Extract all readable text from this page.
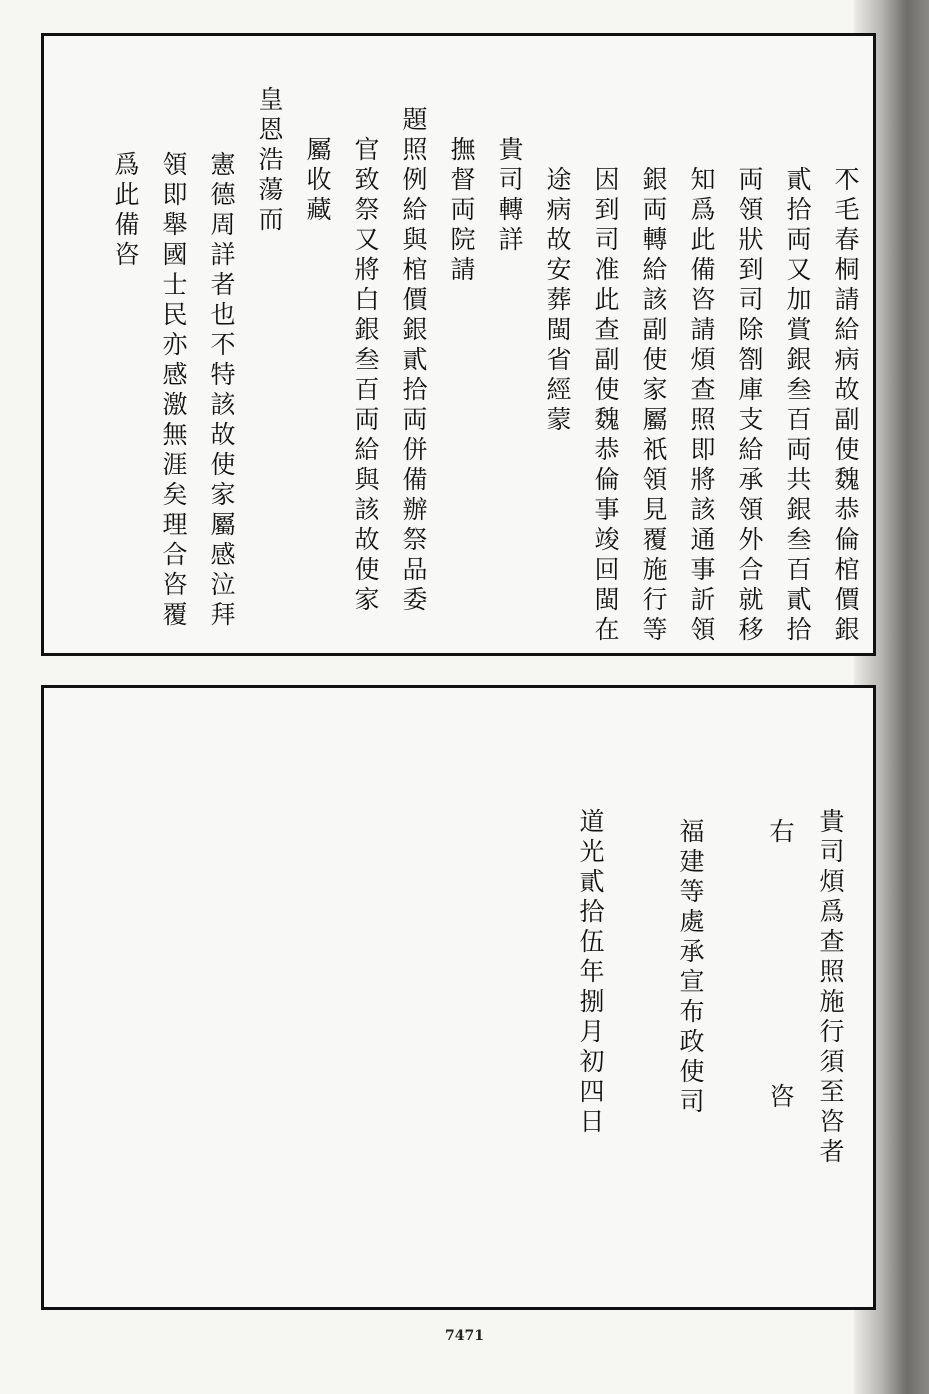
𣎴毛春桐請給病故副使魏恭倫棺價銀
貳拾両又加賞銀叁百両共銀叁百貳拾
両領狀到司除劄庫支給承領外合就移
知爲此備咨請煩查照即將該通事訢領
銀両轉給該副使家屬祇領見覆施行等
因到司准此查副使魏恭倫事竣回閩在
途病故安葬閩省經蒙
貴司轉詳
撫督両院請
題照例給與棺價銀貳拾両併備辦祭品委
官致祭又將白銀叁百両給與該故使家
屬收藏
皇恩浩蕩而
憲德周詳者也不特該故使家屬感泣拜
領即舉國士民亦感激無涯矣理合咨覆
爲此備咨
貴司煩爲查照施行須至咨者
右
咨
福建等處承宣布政使司
道光貳拾伍年捌月初四日
7471
